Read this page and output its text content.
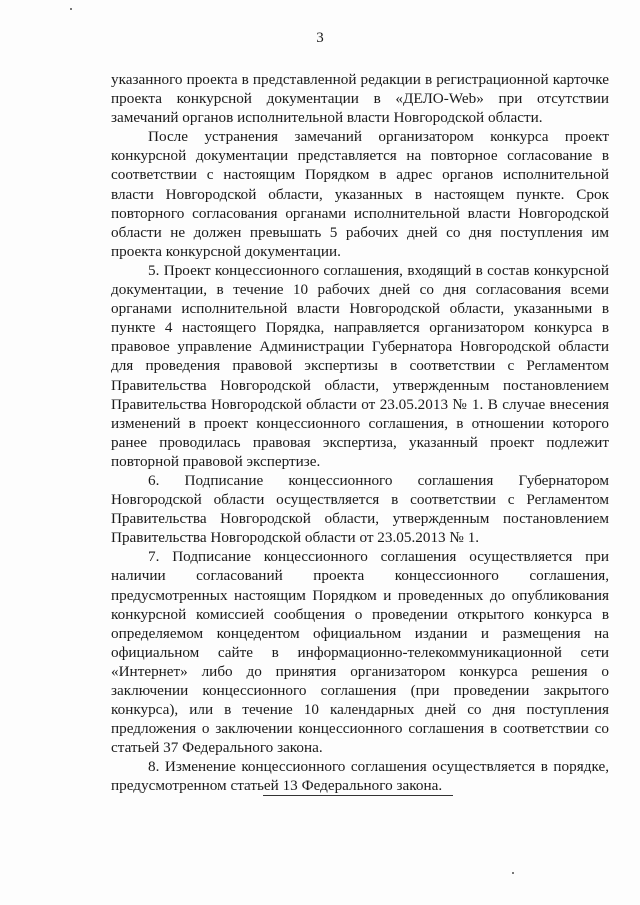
3

указанного проекта в представленной редакции в регистрационной карточке проекта конкурсной документации в «ДЕЛО-Web» при отсутствии замечаний органов исполнительной власти Новгородской области.

После устранения замечаний организатором конкурса проект конкурсной документации представляется на повторное согласование в соответствии с настоящим Порядком в адрес органов исполнительной власти Новгородской области, указанных в настоящем пункте. Срок повторного согласования органами исполнительной власти Новгородской области не должен превышать 5 рабочих дней со дня поступления им проекта конкурсной документации.

5. Проект концессионного соглашения, входящий в состав конкурсной документации, в течение 10 рабочих дней со дня согласования всеми органами исполнительной власти Новгородской области, указанными в пункте 4 настоящего Порядка, направляется организатором конкурса в правовое управление Администрации Губернатора Новгородской области для проведения правовой экспертизы в соответствии с Регламентом Правительства Новгородской области, утвержденным постановлением Правительства Новгородской области от 23.05.2013 № 1. В случае внесения изменений в проект концессионного соглашения, в отношении которого ранее проводилась правовая экспертиза, указанный проект подлежит повторной правовой экспертизе.

6. Подписание концессионного соглашения Губернатором Новгородской области осуществляется в соответствии с Регламентом Правительства Новгородской области, утвержденным постановлением Правительства Новгородской области от 23.05.2013 № 1.

7. Подписание концессионного соглашения осуществляется при наличии согласований проекта концессионного соглашения, предусмотренных настоящим Порядком и проведенных до опубликования конкурсной комиссией сообщения о проведении открытого конкурса в определяемом концедентом официальном издании и размещения на официальном сайте в информационно-телекоммуникационной сети «Интернет» либо до принятия организатором конкурса решения о заключении концессионного соглашения (при проведении закрытого конкурса), или в течение 10 календарных дней со дня поступления предложения о заключении концессионного соглашения в соответствии со статьей 37 Федерального закона.

8. Изменение концессионного соглашения осуществляется в порядке, предусмотренном статьей 13 Федерального закона.
